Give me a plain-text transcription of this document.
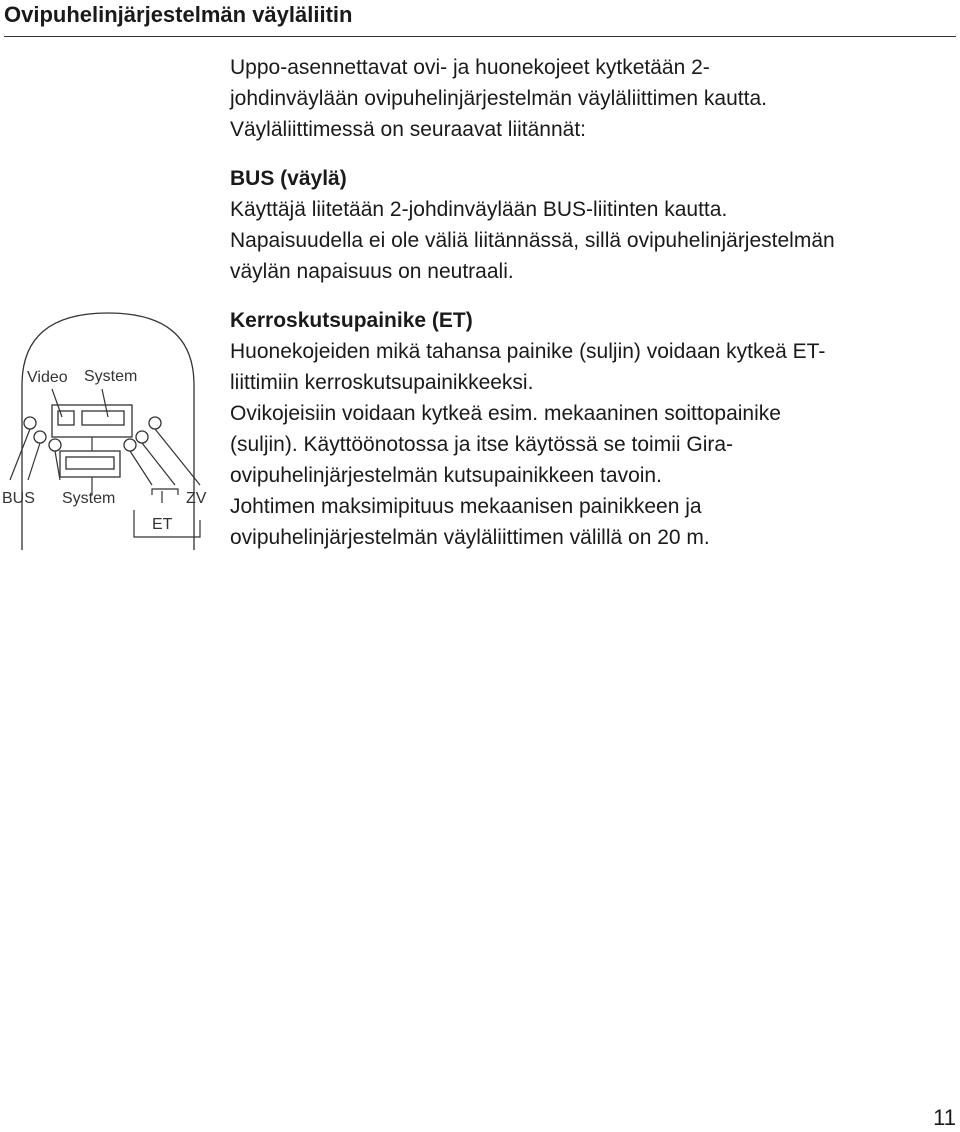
Ovipuhelinjärjestelmän väyläliitin

Uppo-asennettavat ovi- ja huonekojeet kytketään 2-

johdinväylään ovipuhelinjärjestelmän väyläliittimen kautta.

Väyläliittimessä on seuraavat liitännät:

BUS (väylä)

Käyttäjä liitetään 2-johdinväylään BUS-liitinten kautta.

Napaisuudella ei ole väliä liitännässä, sillä ovipuhelinjärjestelmän

väylän napaisuus on neutraali.

Kerroskutsupainike (ET)

Huonekojeiden mikä tahansa painike (suljin) voidaan kytkeä ET-

liittimiin kerroskutsupainikkeeksi.

Ovikojeisiin voidaan kytkeä esim. mekaaninen soittopainike

(suljin). Käyttöönotossa ja itse käytössä se toimii Gira-

ovipuhelinjärjestelmän kutsupainikkeen tavoin.

Johtimen maksimipituus mekaanisen painikkeen ja

ovipuhelinjärjestelmän väyläliittimen välillä on 20 m.

Video System
BUS System	ZV
ET
11
